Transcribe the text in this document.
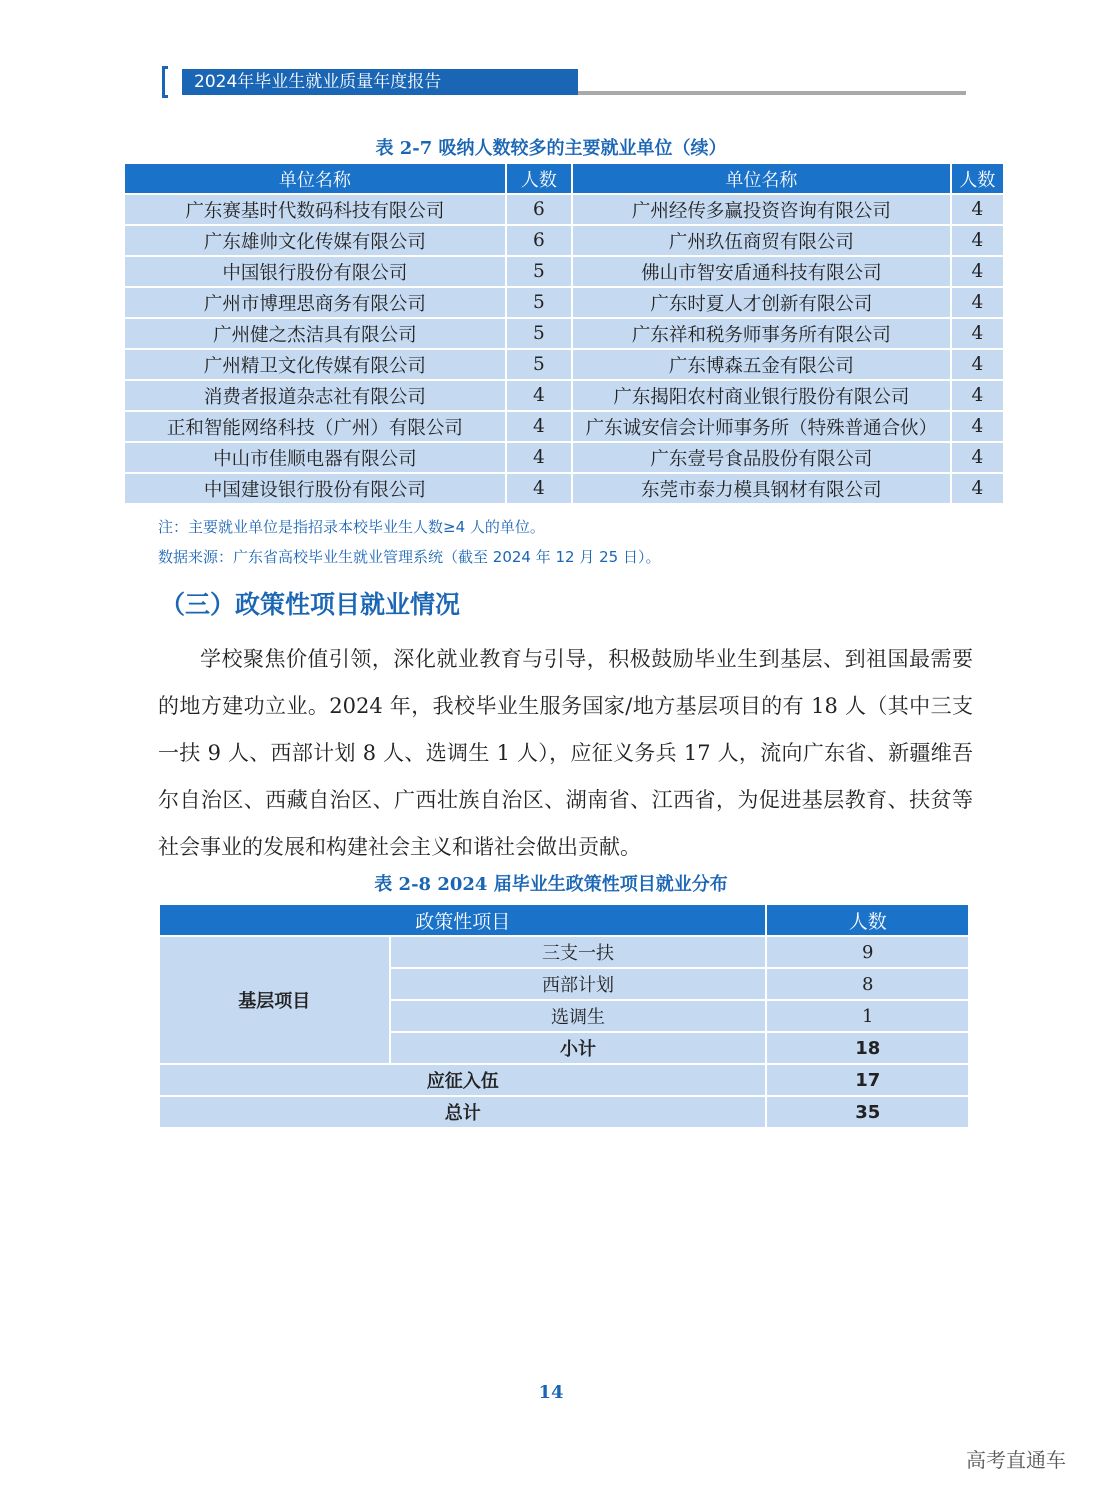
2024年毕业生就业质量年度报告
表 2-7 吸纳人数较多的主要就业单位（续）
单位名称	人数	单位名称	人数
广东赛基时代数码科技有限公司	6	广州经传多赢投资咨询有限公司	4
广东雄帅文化传媒有限公司	6	广州玖伍商贸有限公司	4
中国银行股份有限公司	5	佛山市智安盾通科技有限公司	4
广州市博理思商务有限公司	5	广东时夏人才创新有限公司	4
广州健之杰洁具有限公司	5	广东祥和税务师事务所有限公司	4
广州精卫文化传媒有限公司	5	广东博森五金有限公司	4
消费者报道杂志社有限公司	4	广东揭阳农村商业银行股份有限公司	4
正和智能网络科技（广州）有限公司	4	广东诚安信会计师事务所（特殊普通合伙）	4
中山市佳顺电器有限公司	4	广东壹号食品股份有限公司	4
中国建设银行股份有限公司	4	东莞市泰力模具钢材有限公司	4
注：主要就业单位是指招录本校毕业生人数≥4 人的单位。
数据来源：广东省高校毕业生就业管理系统（截至 2024 年 12 月 25 日）。
（三）政策性项目就业情况
学校聚焦价值引领，深化就业教育与引导，积极鼓励毕业生到基层、到祖国最需要的地方建功立业。2024 年，我校毕业生服务国家/地方基层项目的有 18 人（其中三支一扶 9 人、西部计划 8 人、选调生 1 人），应征义务兵 17 人，流向广东省、新疆维吾尔自治区、西藏自治区、广西壮族自治区、湖南省、江西省，为促进基层教育、扶贫等社会事业的发展和构建社会主义和谐社会做出贡献。
表 2-8 2024 届毕业生政策性项目就业分布
政策性项目		人数
基层项目	三支一扶	9
	西部计划	8
	选调生	1
	小计	18
应征入伍		17
总计		35
14
高考直通车
